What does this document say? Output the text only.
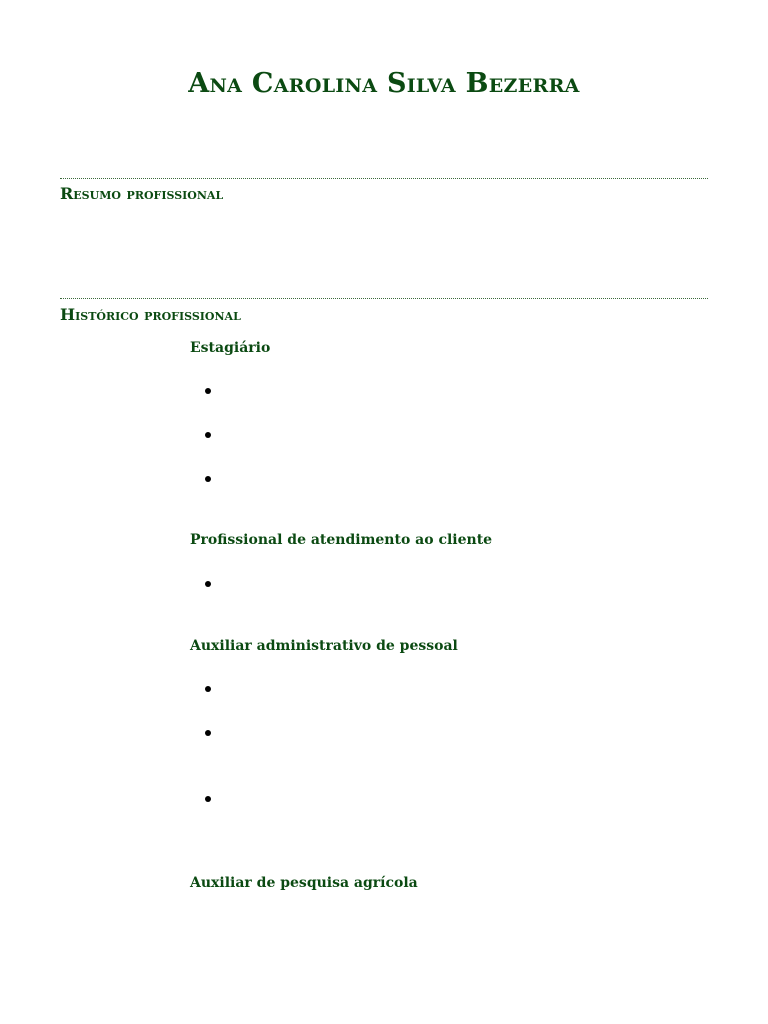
Ana Carolina Silva Bezerra
Resumo profissional
Histórico profissional
Estagiário
Profissional de atendimento ao cliente
Auxiliar administrativo de pessoal
Auxiliar de pesquisa agrícola
